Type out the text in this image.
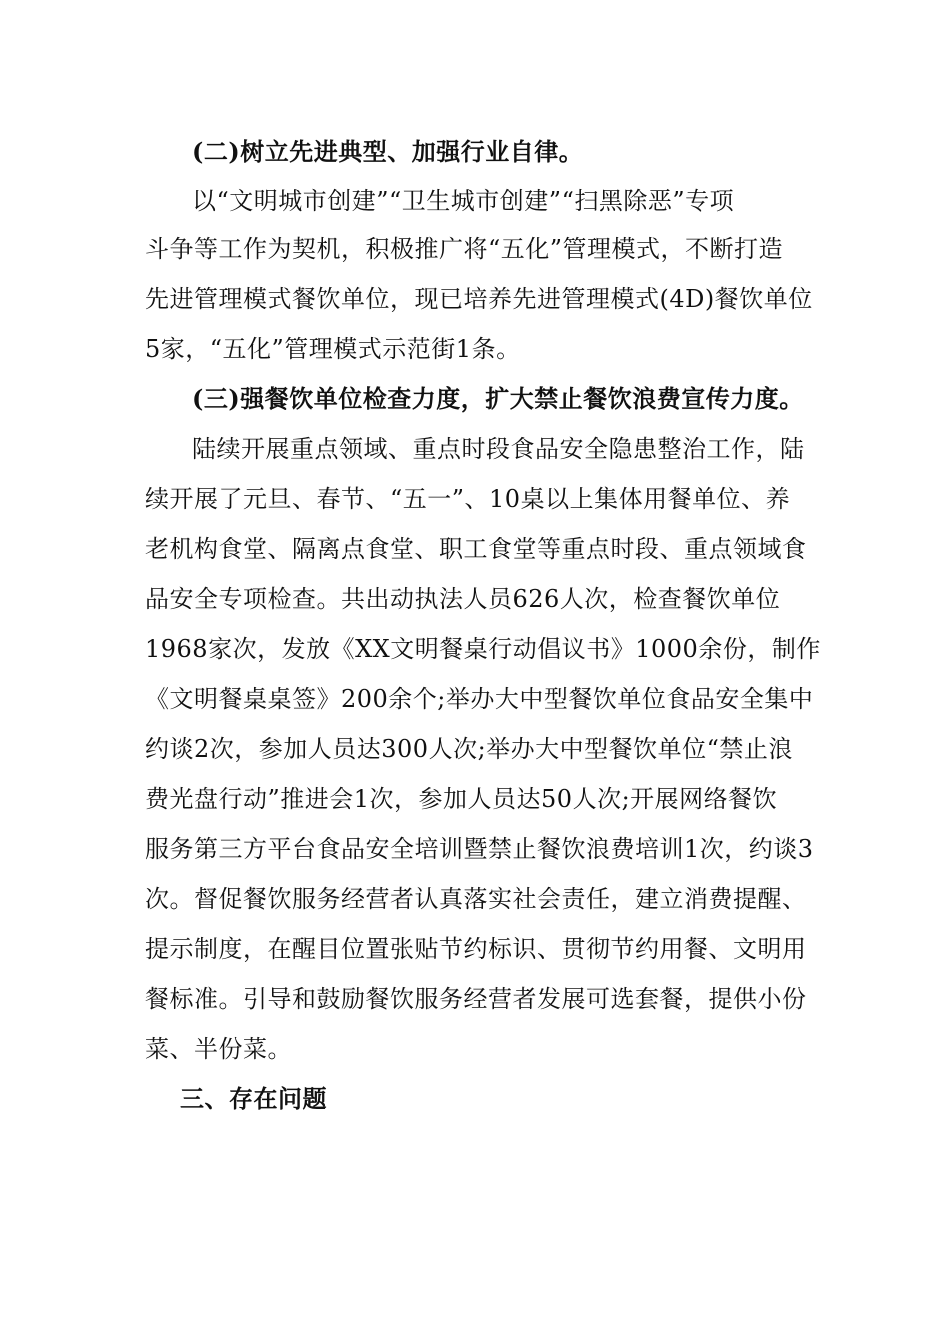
(二)树立先进典型、加强行业自律。
以“文明城市创建”“卫生城市创建”“扫黑除恶”专项
斗争等工作为契机，积极推广将“五化”管理模式，不断打造
先进管理模式餐饮单位，现已培养先进管理模式(4D)餐饮单位
5家，“五化”管理模式示范街1条。
(三)强餐饮单位检查力度，扩大禁止餐饮浪费宣传力度。
陆续开展重点领域、重点时段食品安全隐患整治工作，陆
续开展了元旦、春节、“五一”、10桌以上集体用餐单位、养
老机构食堂、隔离点食堂、职工食堂等重点时段、重点领域食
品安全专项检查。共出动执法人员626人次，检查餐饮单位
1968家次，发放《XX文明餐桌行动倡议书》1000余份，制作
《文明餐桌桌签》200余个;举办大中型餐饮单位食品安全集中
约谈2次，参加人员达300人次;举办大中型餐饮单位“禁止浪
费光盘行动”推进会1次，参加人员达50人次;开展网络餐饮
服务第三方平台食品安全培训暨禁止餐饮浪费培训1次，约谈3
次。督促餐饮服务经营者认真落实社会责任，建立消费提醒、
提示制度，在醒目位置张贴节约标识、贯彻节约用餐、文明用
餐标准。引导和鼓励餐饮服务经营者发展可选套餐，提供小份
菜、半份菜。
三、存在问题
